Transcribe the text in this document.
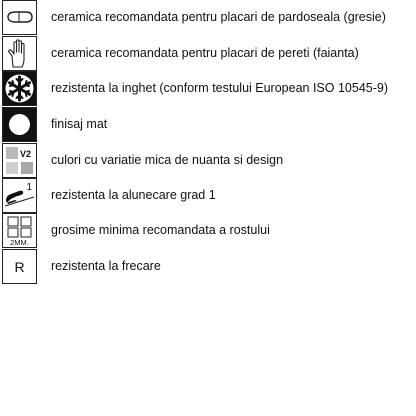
ceramica recomandata pentru placari de pardoseala (gresie)
ceramica recomandata pentru placari de pereti (faianta)
rezistenta la inghet (conform testului European ISO 10545-9)
finisaj mat
V2 culori cu variatie mica de nuanta si design
1
rezistenta la alunecare grad 1
2MM.
grosime minima recomandata a rostului
R rezistenta la frecare
